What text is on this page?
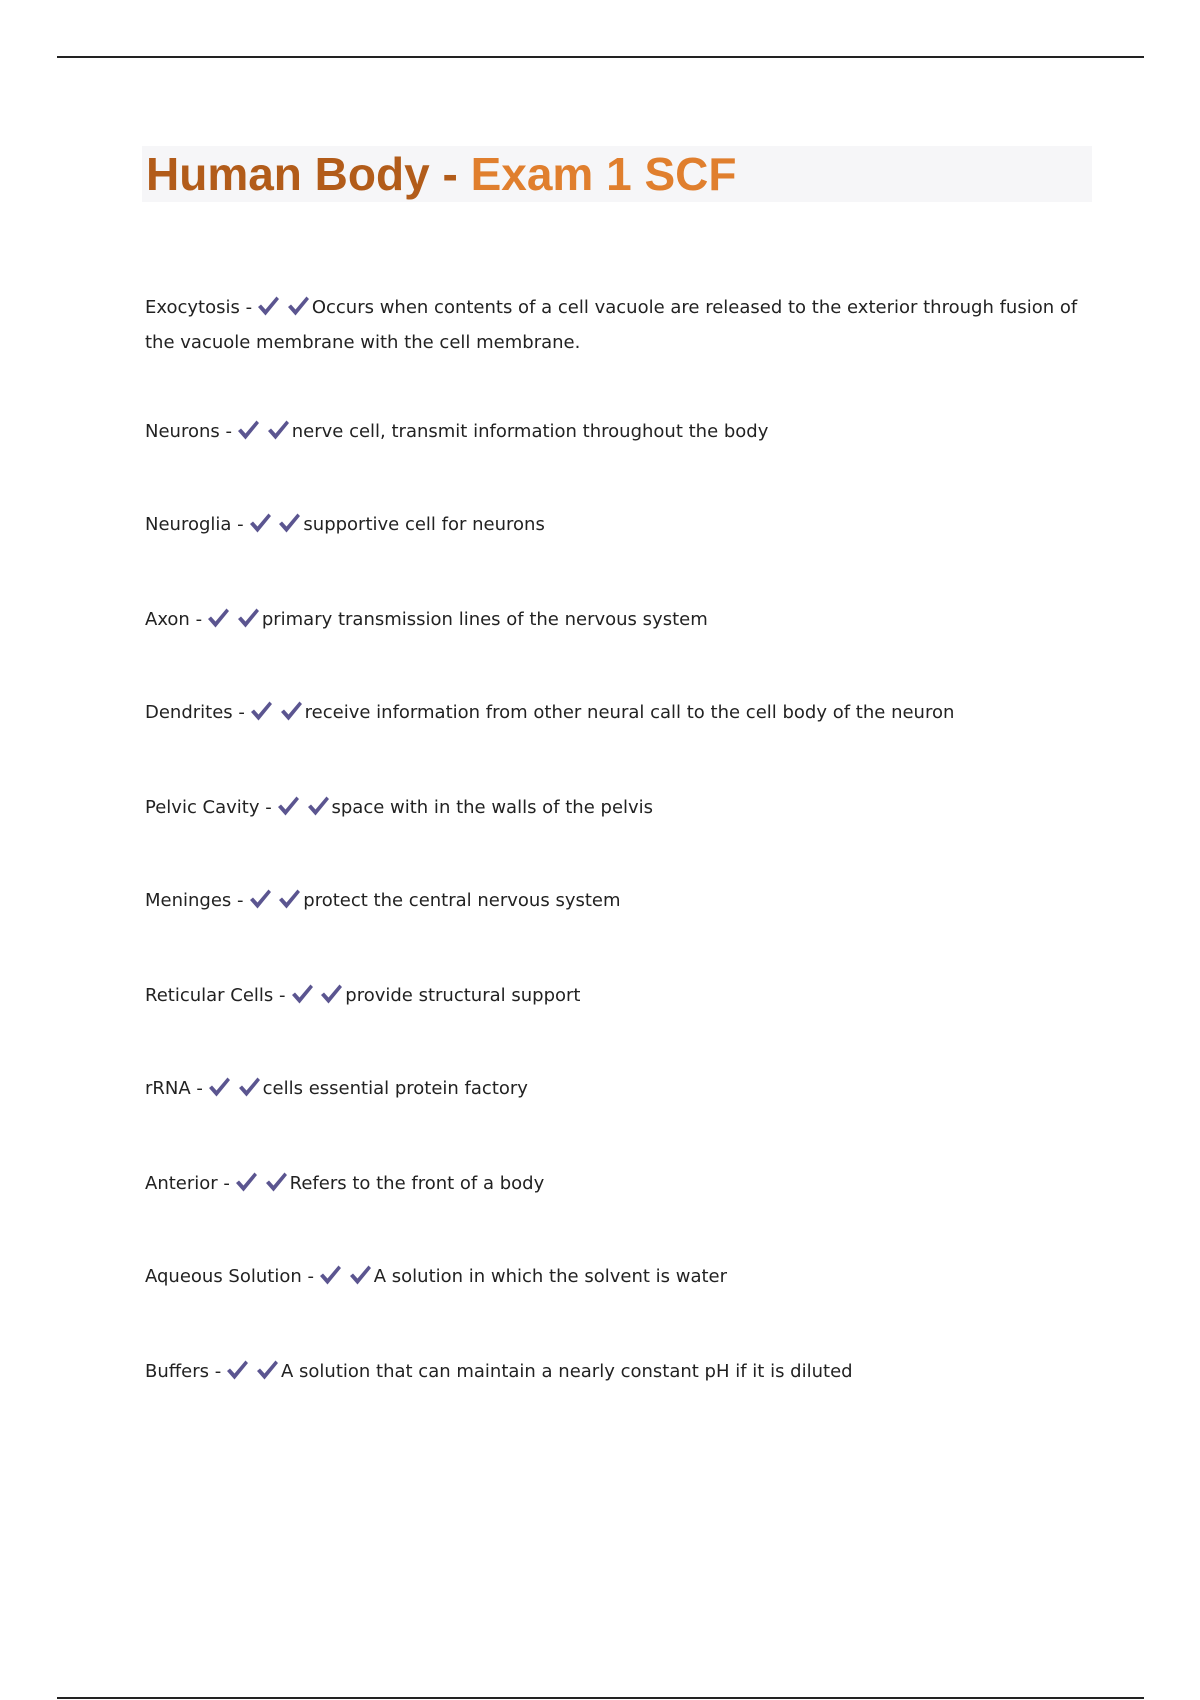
Human Body - Exam 1 SCF
Exocytosis -
	Occurs when contents of a cell vacuole are released to the exterior through fusion of the vacuole membrane with the cell membrane.
Neurons -
	nerve cell, transmit information throughout the body
Neuroglia -
	supportive cell for neurons
Axon -
	primary transmission lines of the nervous system
Dendrites -
	receive information from other neural call to the cell body of the neuron
Pelvic Cavity -
	space with in the walls of the pelvis
Meninges -
	protect the central nervous system
Reticular Cells -
	provide structural support
rRNA -
	cells essential protein factory
Anterior -
	Refers to the front of a body
Aqueous Solution -
	A solution in which the solvent is water
Buffers -
	A solution that can maintain a nearly constant pH if it is diluted
